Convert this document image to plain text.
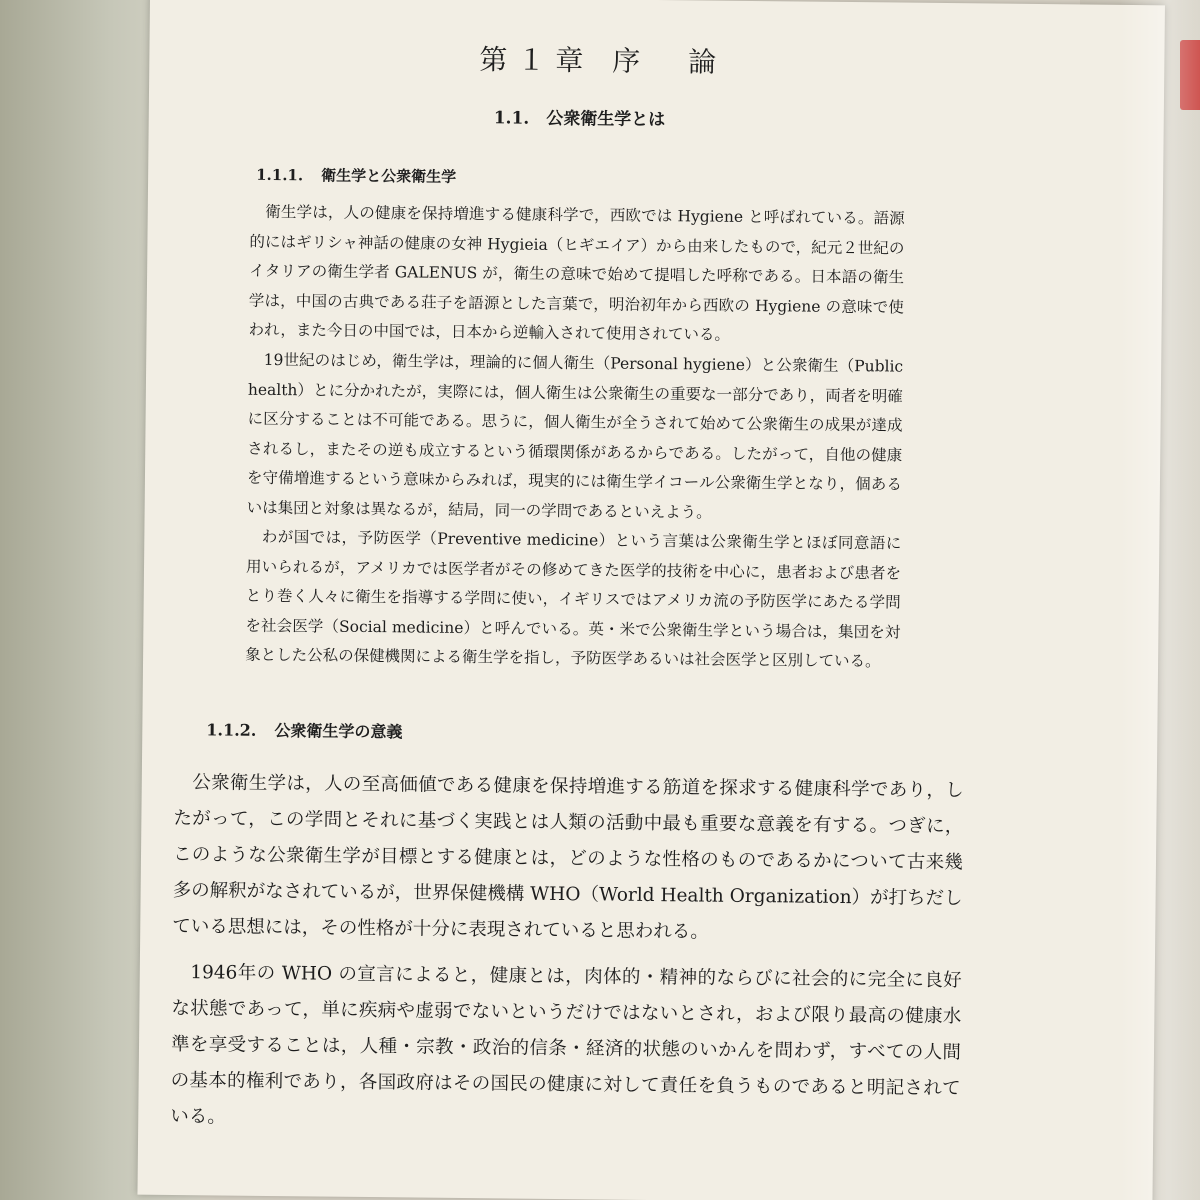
第１章 序　論
1.1.　公衆衛生学とは
1.1.1. 衛生学と公衆衛生学
衛生学は，人の健康を保持増進する健康科学で，西欧では Hygiene と呼ばれている。語源的にはギリシャ神話の健康の女神 Hygieia（ヒギエイア）から由来したもので，紀元２世紀のイタリアの衛生学者 GALENUS が，衛生の意味で始めて提唱した呼称である。日本語の衛生学は，中国の古典である荘子を語源とした言葉で，明治初年から西欧の Hygiene の意味で使われ，また今日の中国では，日本から逆輸入されて使用されている。
19世紀のはじめ，衛生学は，理論的に個人衛生（Personal hygiene）と公衆衛生（Public health）とに分かれたが，実際には，個人衛生は公衆衛生の重要な一部分であり，両者を明確に区分することは不可能である。思うに，個人衛生が全うされて始めて公衆衛生の成果が達成されるし，またその逆も成立するという循環関係があるからである。したがって，自他の健康を守備増進するという意味からみれば，現実的には衛生学イコール公衆衛生学となり，個あるいは集団と対象は異なるが，結局，同一の学問であるといえよう。
わが国では，予防医学（Preventive medicine）という言葉は公衆衛生学とほぼ同意語に用いられるが，アメリカでは医学者がその修めてきた医学的技術を中心に，患者および患者をとり巻く人々に衛生を指導する学問に使い，イギリスではアメリカ流の予防医学にあたる学問を社会医学（Social medicine）と呼んでいる。英・米で公衆衛生学という場合は，集団を対象とした公私の保健機関による衛生学を指し，予防医学あるいは社会医学と区別している。
1.1.2. 公衆衛生学の意義
公衆衛生学は，人の至高価値である健康を保持増進する筋道を探求する健康科学であり，したがって，この学問とそれに基づく実践とは人類の活動中最も重要な意義を有する。つぎに，このような公衆衛生学が目標とする健康とは，どのような性格のものであるかについて古来幾多の解釈がなされているが，世界保健機構 WHO（World Health Organization）が打ちだしている思想には，その性格が十分に表現されていると思われる。
1946年の WHO の宣言によると，健康とは，肉体的・精神的ならびに社会的に完全に良好な状態であって，単に疾病や虚弱でないというだけではないとされ，および限り最高の健康水準を享受することは，人種・宗教・政治的信条・経済的状態のいかんを問わず，すべての人間の基本的権利であり，各国政府はその国民の健康に対して責任を負うものであると明記されている。
